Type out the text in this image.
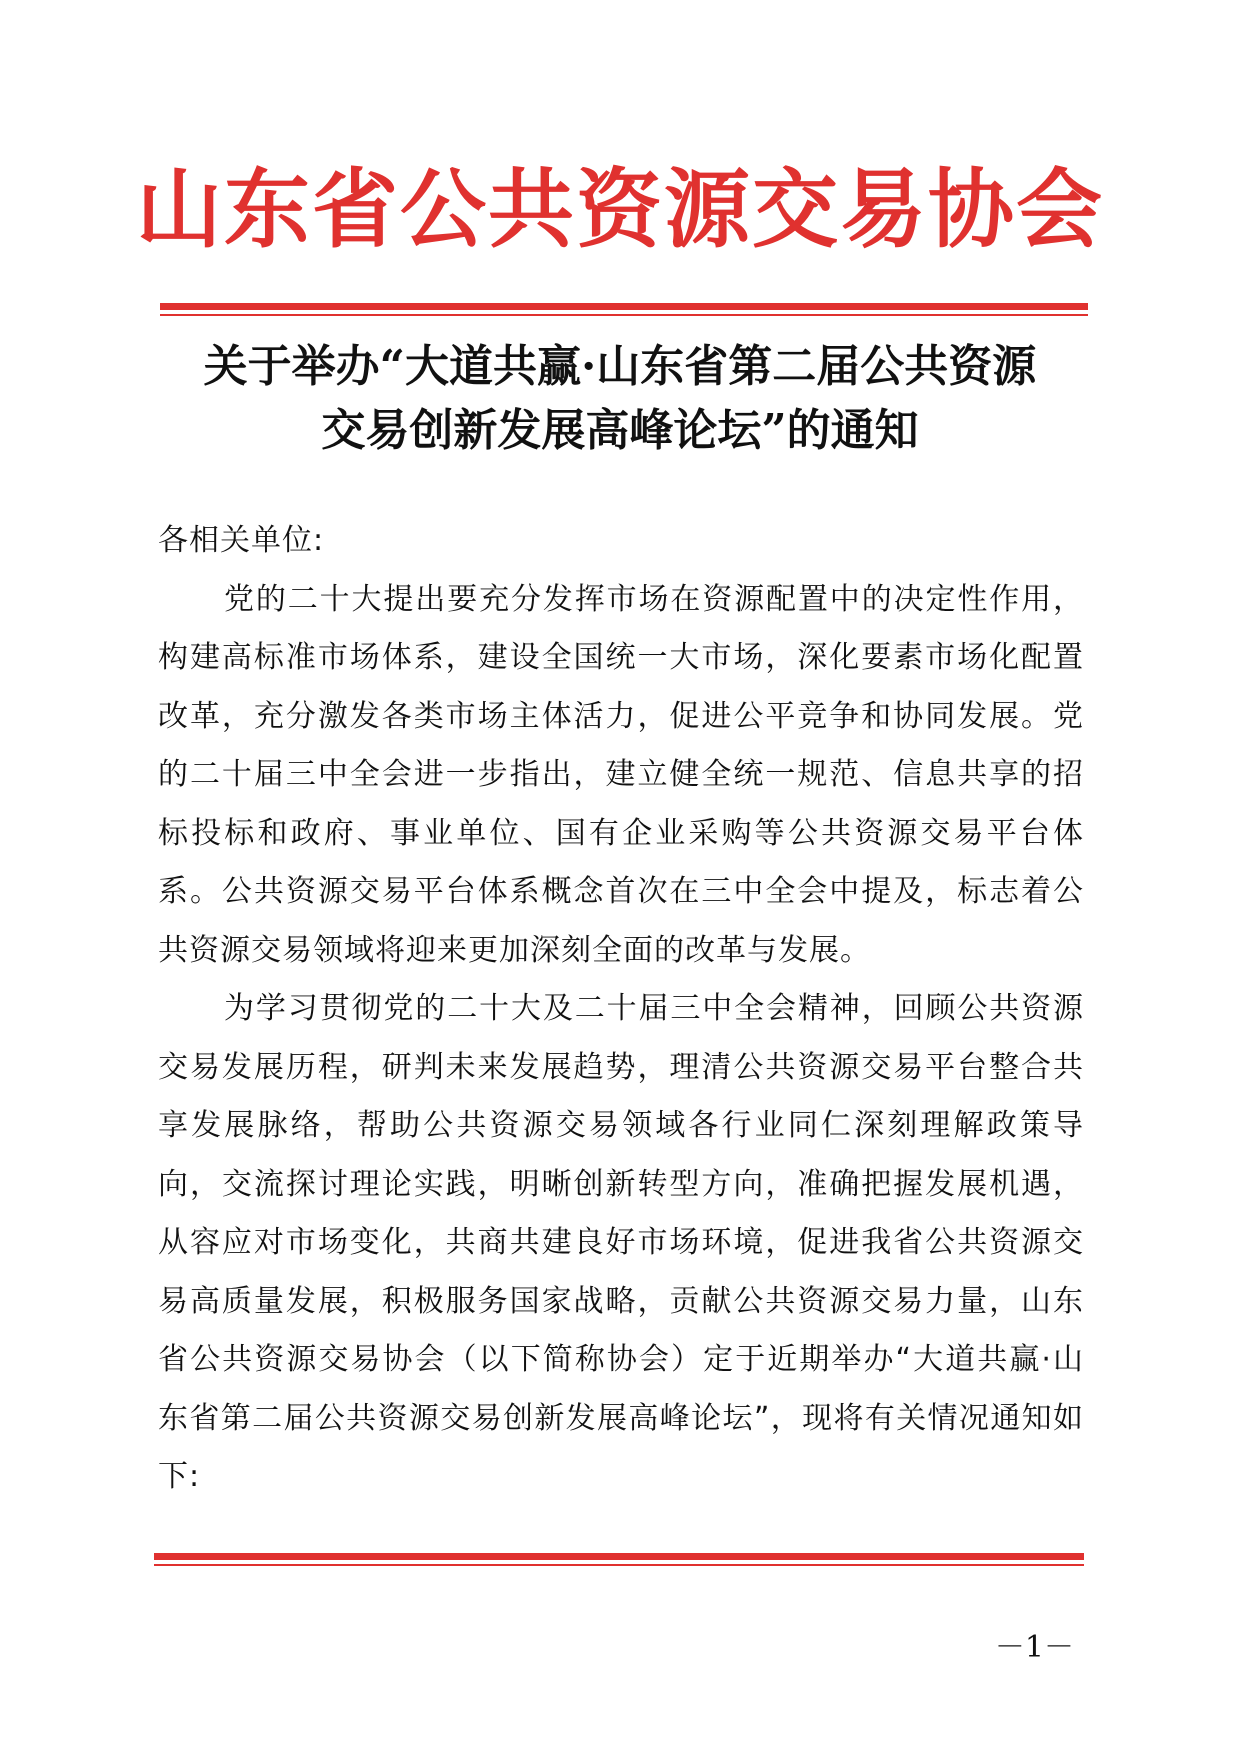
山东省公共资源交易协会
关于举办“大道共赢·山东省第二届公共资源
交易创新发展高峰论坛”的通知

各相关单位:

党的二十大提出要充分发挥市场在资源配置中的决定性作用，构建高标准市场体系，建设全国统一大市场，深化要素市场化配置改革，充分激发各类市场主体活力，促进公平竞争和协同发展。党的二十届三中全会进一步指出，建立健全统一规范、信息共享的招标投标和政府、事业单位、国有企业采购等公共资源交易平台体系。公共资源交易平台体系概念首次在三中全会中提及，标志着公共资源交易领域将迎来更加深刻全面的改革与发展。

为学习贯彻党的二十大及二十届三中全会精神，回顾公共资源交易发展历程，研判未来发展趋势，理清公共资源交易平台整合共享发展脉络，帮助公共资源交易领域各行业同仁深刻理解政策导向，交流探讨理论实践，明晰创新转型方向，准确把握发展机遇，从容应对市场变化，共商共建良好市场环境，促进我省公共资源交易高质量发展，积极服务国家战略，贡献公共资源交易力量，山东省公共资源交易协会（以下简称协会）定于近期举办“大道共赢·山东省第二届公共资源交易创新发展高峰论坛”，现将有关情况通知如下:

－1－
